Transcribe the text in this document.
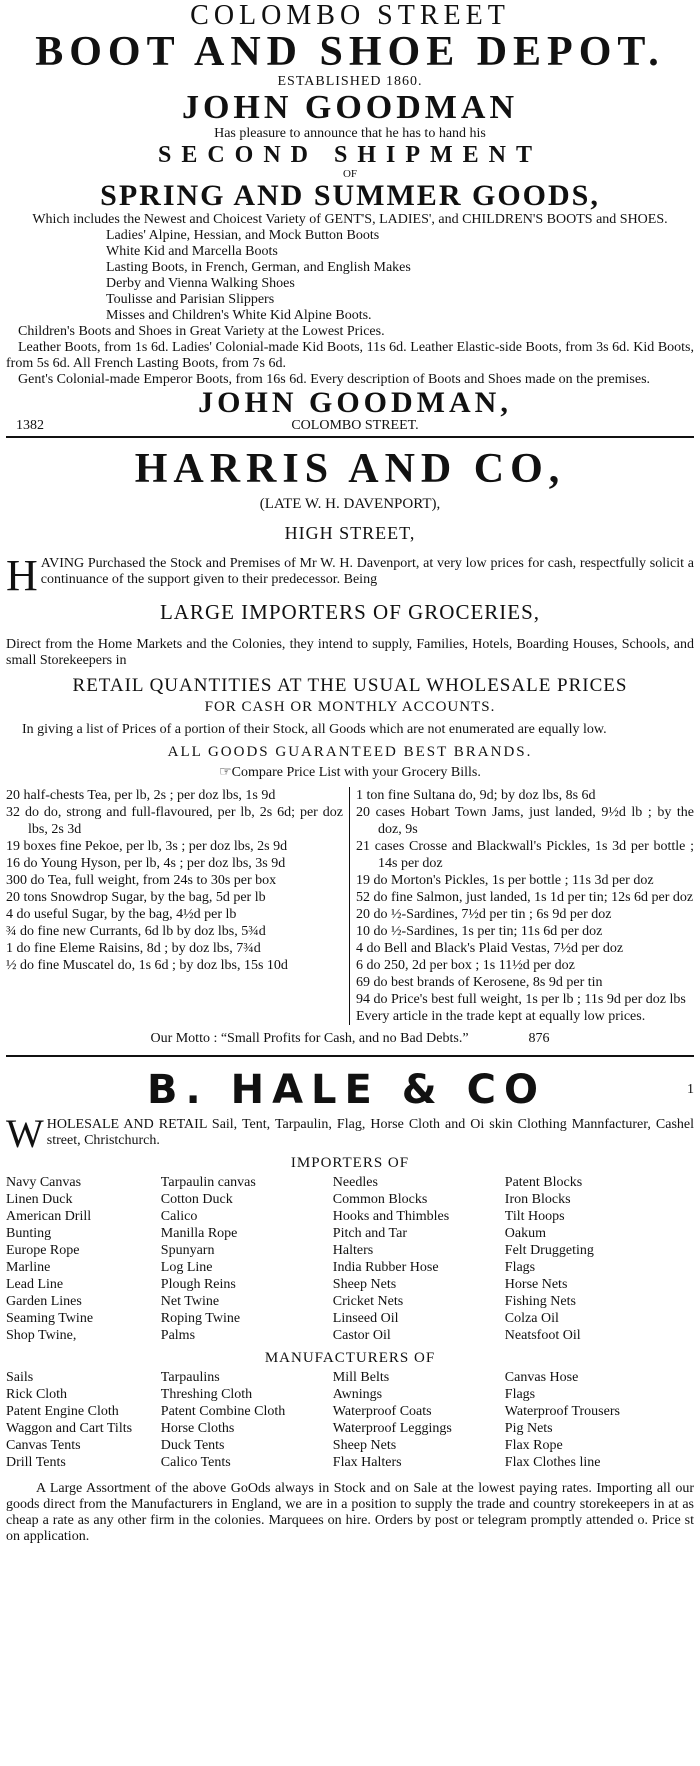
COLOMBO STREET

BOOT AND SHOE DEPOT.

ESTABLISHED 1860.

JOHN GOODMAN

Has pleasure to announce that he has to hand his

SECOND SHIPMENT

OF

SPRING AND SUMMER GOODS,

Which includes the Newest and Choicest Variety of GENT'S, LADIES', and CHILDREN'S BOOTS and SHOES.

Ladies' Alpine, Hessian, and Mock Button Boots

White Kid and Marcella Boots

Lasting Boots, in French, German, and English Makes

Derby and Vienna Walking Shoes

Toulisse and Parisian Slippers

Misses and Children's White Kid Alpine Boots.

Children's Boots and Shoes in Great Variety at the Lowest Prices.

Leather Boots, from 1s 6d. Ladies' Colonial-made Kid Boots, 11s 6d. Leather Elastic-side Boots, from 3s 6d. Kid Boots, from 5s 6d. All French Lasting Boots, from 7s 6d.

Gent's Colonial-made Emperor Boots, from 16s 6d. Every description of Boots and Shoes made on the premises.

1382
JOHN GOODMAN,
COLOMBO STREET.

HARRIS AND CO,

(LATE W. H. DAVENPORT),

HIGH STREET,

H AVING Purchased the Stock and Premises of Mr W. H. Davenport, at very low prices for cash, respectfully solicit a continuance of the support given to their predecessor. Being

LARGE IMPORTERS OF GROCERIES,

Direct from the Home Markets and the Colonies, they intend to supply, Families, Hotels, Boarding Houses, Schools, and small Storekeepers in

RETAIL QUANTITIES AT THE USUAL WHOLESALE PRICES

FOR CASH OR MONTHLY ACCOUNTS.

In giving a list of Prices of a portion of their Stock, all Goods which are not enumerated are equally low.

ALL GOODS GUARANTEED BEST BRANDS.

☞Compare Price List with your Grocery Bills.

20 half-chests Tea, per lb, 2s ; per doz lbs, 1s 9d

32 do do, strong and full-flavoured, per lb, 2s 6d; per doz lbs, 2s 3d

19 boxes fine Pekoe, per lb, 3s ; per doz lbs, 2s 9d

16 do Young Hyson, per lb, 4s ; per doz lbs, 3s 9d

300 do Tea, full weight, from 24s to 30s per box

20 tons Snowdrop Sugar, by the bag, 5d per lb

4 do useful Sugar, by the bag, 4½d per lb

¾ do fine new Currants, 6d lb by doz lbs, 5¾d

1 do fine Eleme Raisins, 8d ; by doz lbs, 7¾d

½ do fine Muscatel do, 1s 6d ; by doz lbs, 15s 10d

1 ton fine Sultana do, 9d; by doz lbs, 8s 6d

20 cases Hobart Town Jams, just landed, 9½d lb ; by the doz, 9s

21 cases Crosse and Blackwall's Pickles, 1s 3d per bottle ; 14s per doz

19 do Morton's Pickles, 1s per bottle ; 11s 3d per doz

52 do fine Salmon, just landed, 1s 1d per tin; 12s 6d per doz

20 do ½-Sardines, 7½d per tin ; 6s 9d per doz

10 do ½-Sardines, 1s per tin; 11s 6d per doz

4 do Bell and Black's Plaid Vestas, 7½d per doz

6 do 250, 2d per box ; 1s 11½d per doz

69 do best brands of Kerosene, 8s 9d per tin

94 do Price's best full weight, 1s per lb ; 11s 9d per doz lbs

Every article in the trade kept at equally low prices.

Our Motto : “Small Profits for Cash, and no Bad Debts.”	876
B. HALE & CO	1

W HOLESALE AND RETAIL Sail, Tent, Tarpaulin, Flag, Horse Cloth and Oi skin Clothing Mannfacturer, Cashel street, Christchurch.

IMPORTERS OF

Navy Canvas	Tarpaulin canvas	Needles	Patent Blocks
Linen Duck	Cotton Duck	Common Blocks	Iron Blocks
American Drill	Calico	Hooks and Thimbles	Tilt Hoops
Bunting	Manilla Rope	Pitch and Tar	Oakum
Europe Rope	Spunyarn	Halters	Felt Druggeting
Marline	Log Line	India Rubber Hose	Flags
Lead Line	Plough Reins	Sheep Nets	Horse Nets
Garden Lines	Net Twine	Cricket Nets	Fishing Nets
Seaming Twine	Roping Twine	Linseed Oil	Colza Oil
Shop Twine,	Palms	Castor Oil	Neatsfoot Oil

MANUFACTURERS OF

Sails	Tarpaulins	Mill Belts	Canvas Hose
Rick Cloth	Threshing Cloth	Awnings	Flags
Patent Engine Cloth	Patent Combine Cloth	Waterproof Coats	Waterproof Trousers
Waggon and Cart Tilts	Horse Cloths	Waterproof Leggings	Pig Nets
Canvas Tents	Duck Tents	Sheep Nets	Flax Rope
Drill Tents	Calico Tents	Flax Halters	Flax Clothes line

A Large Assortment of the above GoOds always in Stock and on Sale at the lowest paying rates. Importing all our goods direct from the Manufacturers in England, we are in a position to supply the trade and country storekeepers in at as cheap a rate as any other firm in the colonies. Marquees on hire. Orders by post or telegram promptly attended o. Price st on application.
